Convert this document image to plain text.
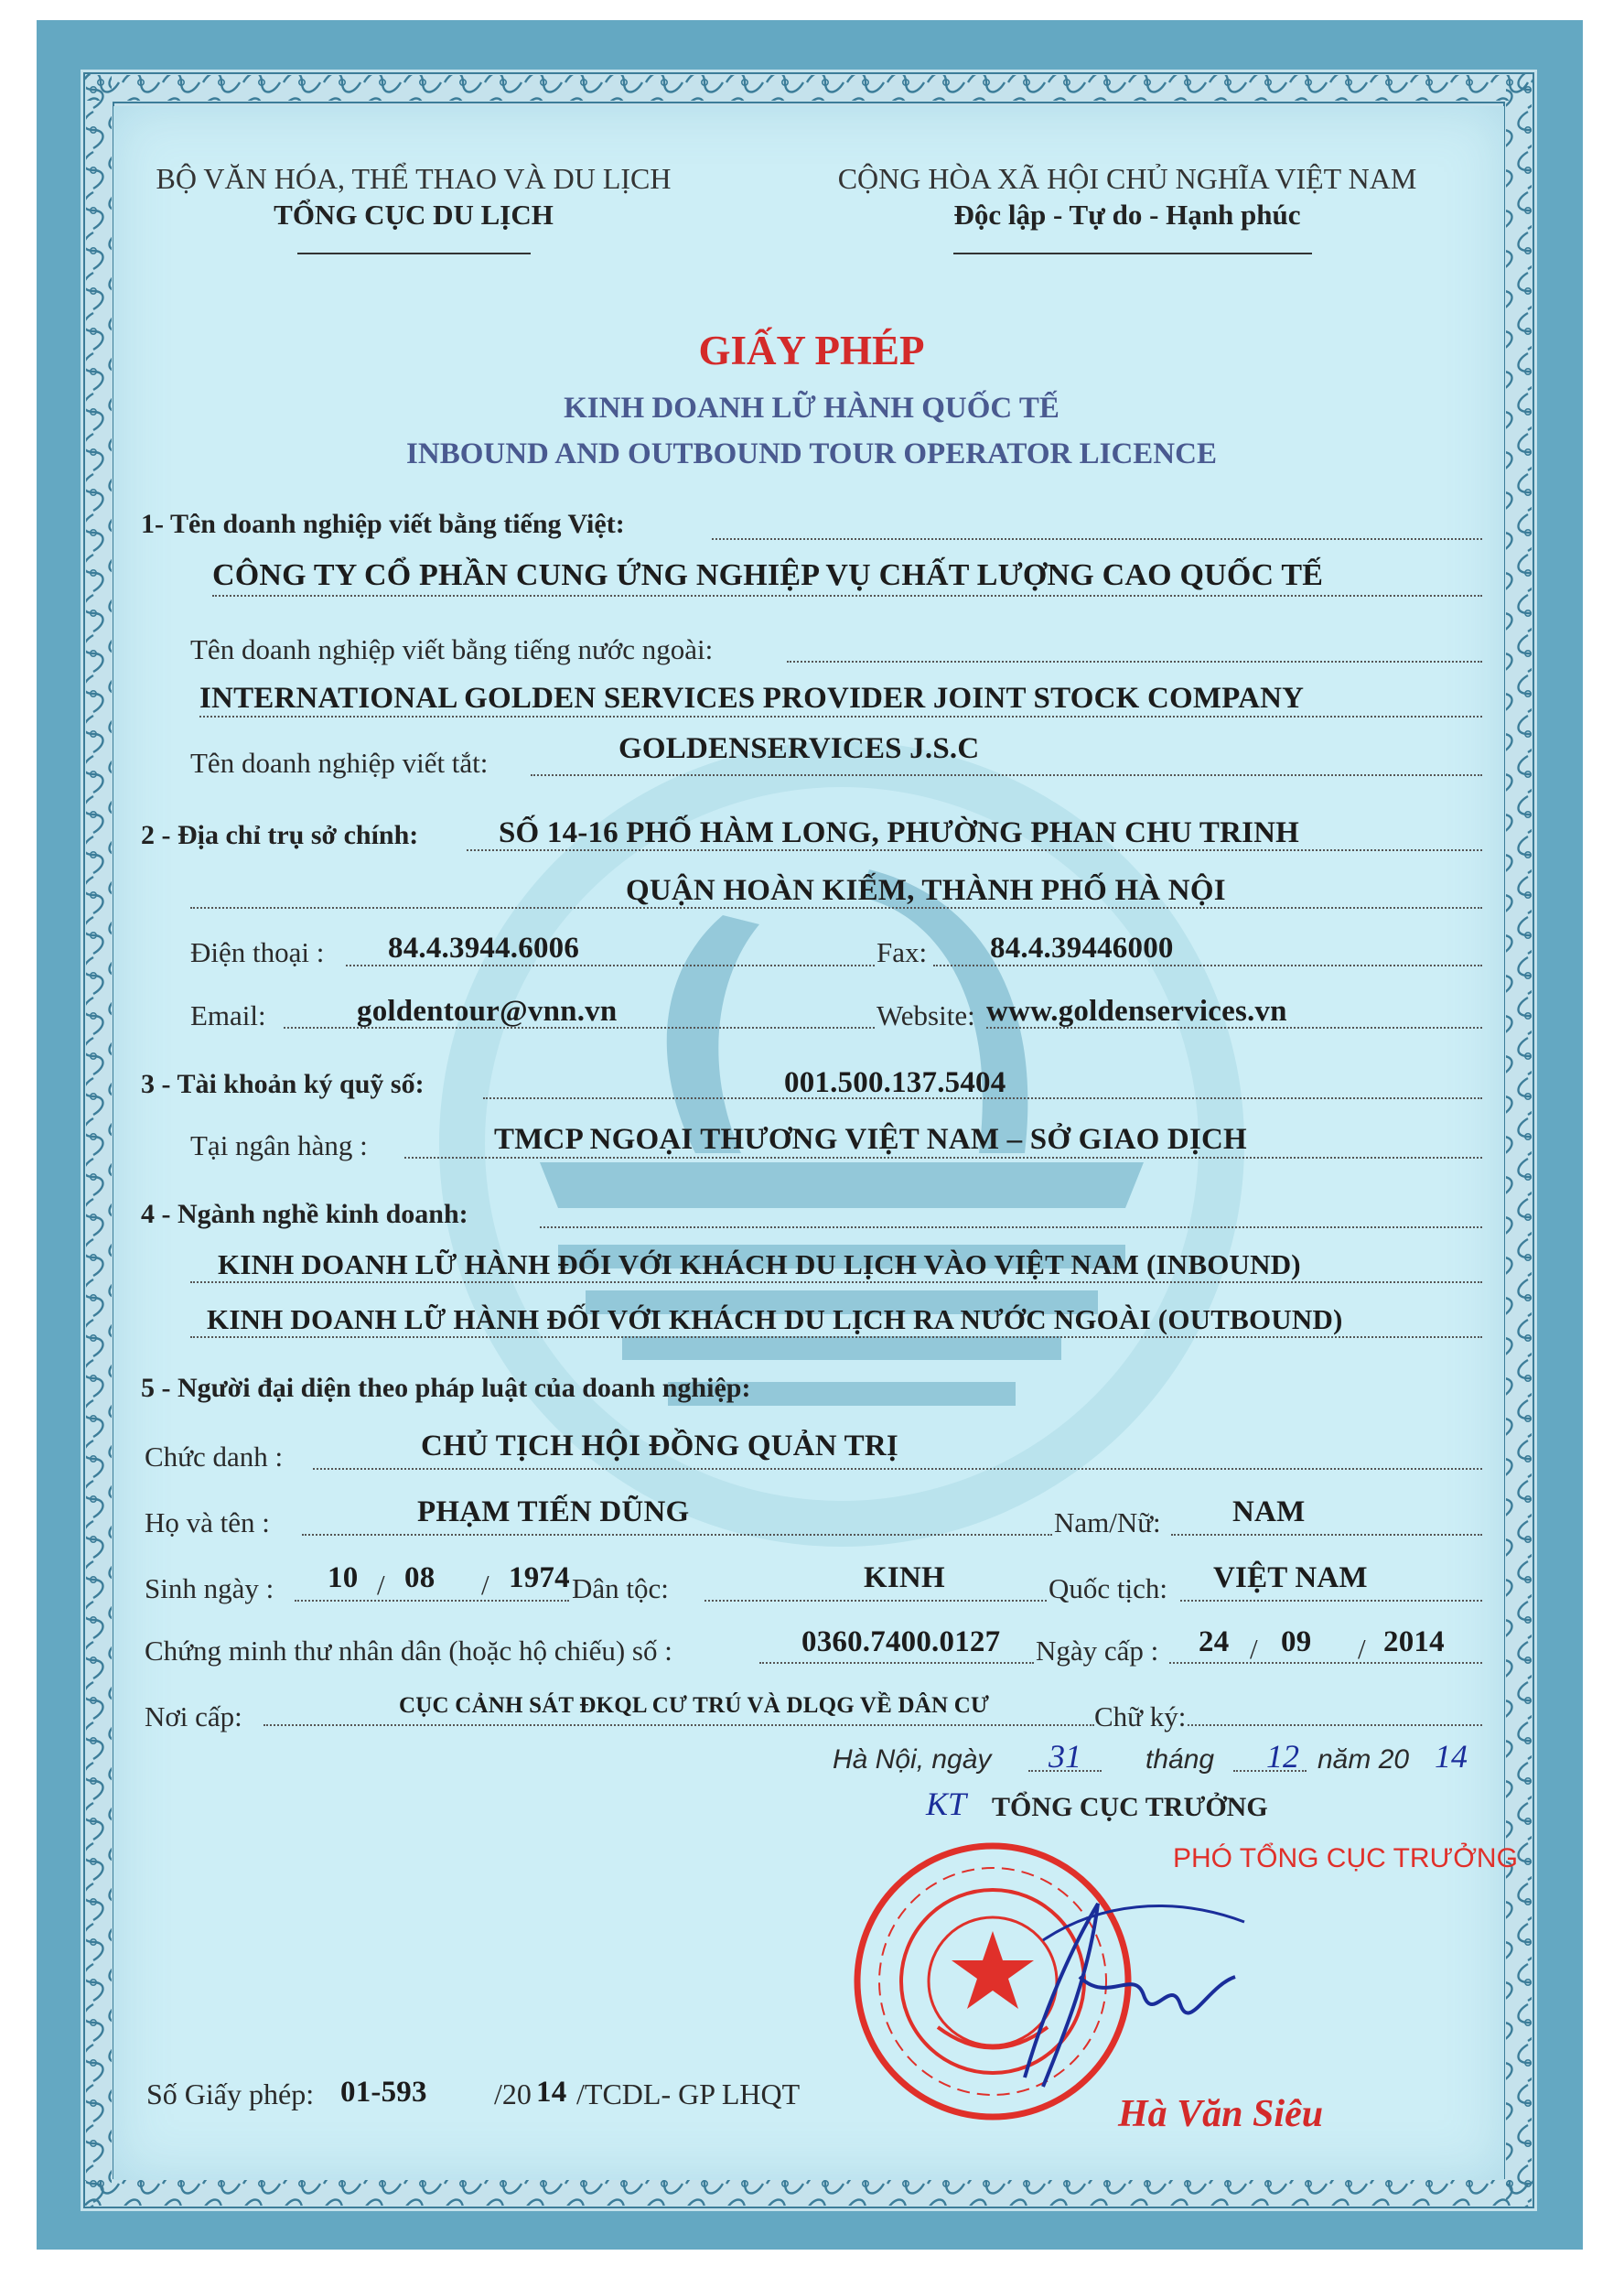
BỘ VĂN HÓA, THỂ THAO VÀ DU LỊCH
TỔNG CỤC DU LỊCH
CỘNG HÒA XÃ HỘI CHỦ NGHĨA VIỆT NAM
Độc lập - Tự do - Hạnh phúc
GIẤY PHÉP
KINH DOANH LỮ HÀNH QUỐC TẾ
INBOUND AND OUTBOUND TOUR OPERATOR LICENCE
1- Tên doanh nghiệp viết bằng tiếng Việt:
CÔNG TY CỔ PHẦN CUNG ỨNG NGHIỆP VỤ CHẤT LƯỢNG CAO QUỐC TẾ
Tên doanh nghiệp viết bằng tiếng nước ngoài:
INTERNATIONAL GOLDEN SERVICES PROVIDER JOINT STOCK COMPANY
Tên doanh nghiệp viết tắt:	GOLDENSERVICES J.S.C
2 - Địa chỉ trụ sở chính:	SỐ 14-16 PHỐ HÀM LONG, PHƯỜNG PHAN CHU TRINH
QUẬN HOÀN KIẾM, THÀNH PHỐ HÀ NỘI
Điện thoại : 84.4.3944.6006	Fax: 84.4.39446000
Email:	goldentour@vnn.vn	Website: www.goldenservices.vn
3 - Tài khoản ký quỹ số:	001.500.137.5404
Tại ngân hàng :	TMCP NGOẠI THƯƠNG VIỆT NAM – SỞ GIAO DỊCH
4 - Ngành nghề kinh doanh:
KINH DOANH LỮ HÀNH ĐỐI VỚI KHÁCH DU LỊCH VÀO VIỆT NAM (INBOUND)
KINH DOANH LỮ HÀNH ĐỐI VỚI KHÁCH DU LỊCH RA NƯỚC NGOÀI (OUTBOUND)
5 - Người đại diện theo pháp luật của doanh nghiệp:
Chức danh :	CHỦ TỊCH HỘI ĐỒNG QUẢN TRỊ
Họ và tên :	PHẠM TIẾN DŨNG	Nam/Nữ: NAM
Sinh ngày : 10 / 08 / 1974 Dân tộc:	KINH	Quốc tịch: VIỆT NAM
Chứng minh thư nhân dân (hoặc hộ chiếu) số :	0360.7400.0127 Ngày cấp : 24 / 09 / 2014
Nơi cấp:	CỤC CẢNH SÁT ĐKQL CƯ TRÚ VÀ DLQG VỀ DÂN CƯ	Chữ ký:
Hà Nội, ngày 31 tháng 12 năm 20 14
KT TỔNG CỤC TRƯỞNG
PHÓ TỔNG CỤC TRƯỞNG
Hà Văn Siêu
Số Giấy phép: 01-593 /20 14 /TCDL- GP LHQT
